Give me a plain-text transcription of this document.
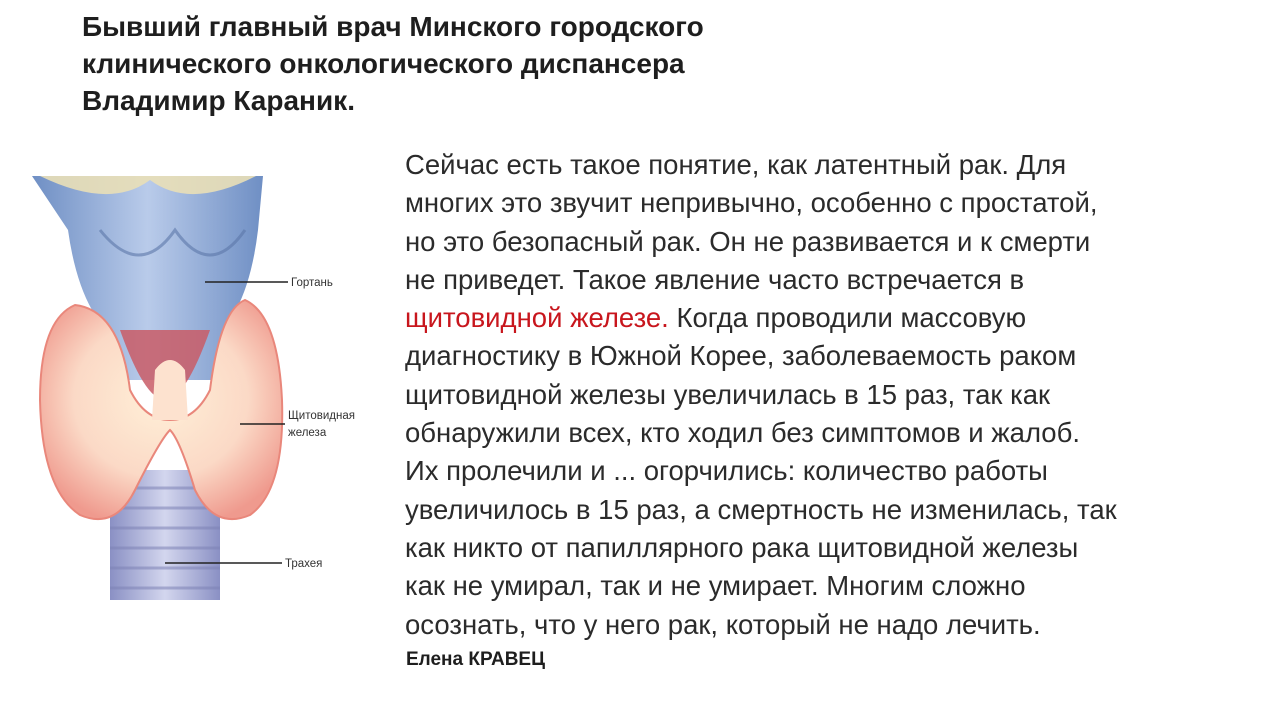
Бывший главный врач Минского городского
клинического онкологического диспансера
Владимир Караник.
Гортань
Щитовидная
железа
Трахея
Сейчас есть такое понятие, как латентный рак. Для
многих это звучит непривычно, особенно с простатой,
но это безопасный рак. Он не развивается и к смерти
не приведет. Такое явление часто встречается в
щитовидной железе. Когда проводили массовую
диагностику в Южной Корее, заболеваемость раком
щитовидной железы увеличилась в 15 раз, так как
обнаружили всех, кто ходил без симптомов и жалоб.
Их пролечили и ... огорчились: количество работы
увеличилось в 15 раз, а смертность не изменилась, так
как никто от папиллярного рака щитовидной железы
как не умирал, так и не умирает. Многим сложно
осознать, что у него рак, который не надо лечить.
Елена КРАВЕЦ
